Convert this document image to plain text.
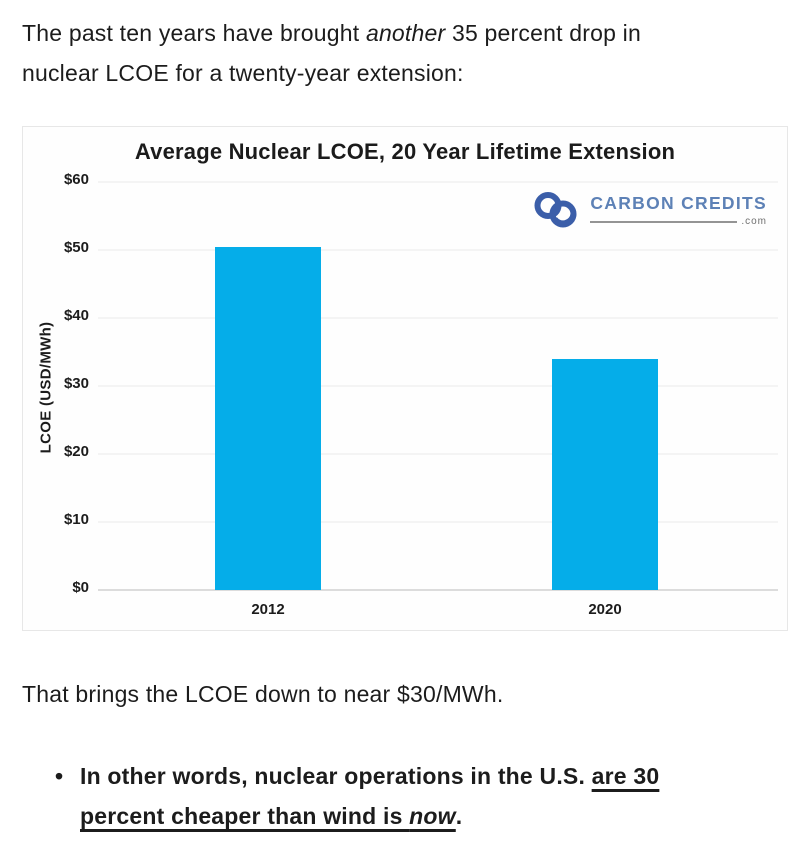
The past ten years have brought another 35 percent drop in
nuclear LCOE for a twenty-year extension:

Average Nuclear LCOE, 20 Year Lifetime Extension
CARBON CREDITS
.com
LCOE (USD/MWh)
$60
$50
$40
$30
$20
$10
$0
2012	2020

That brings the LCOE down to near $30/MWh.

• In other words, nuclear operations in the U.S. are 30
percent cheaper than wind is now.
